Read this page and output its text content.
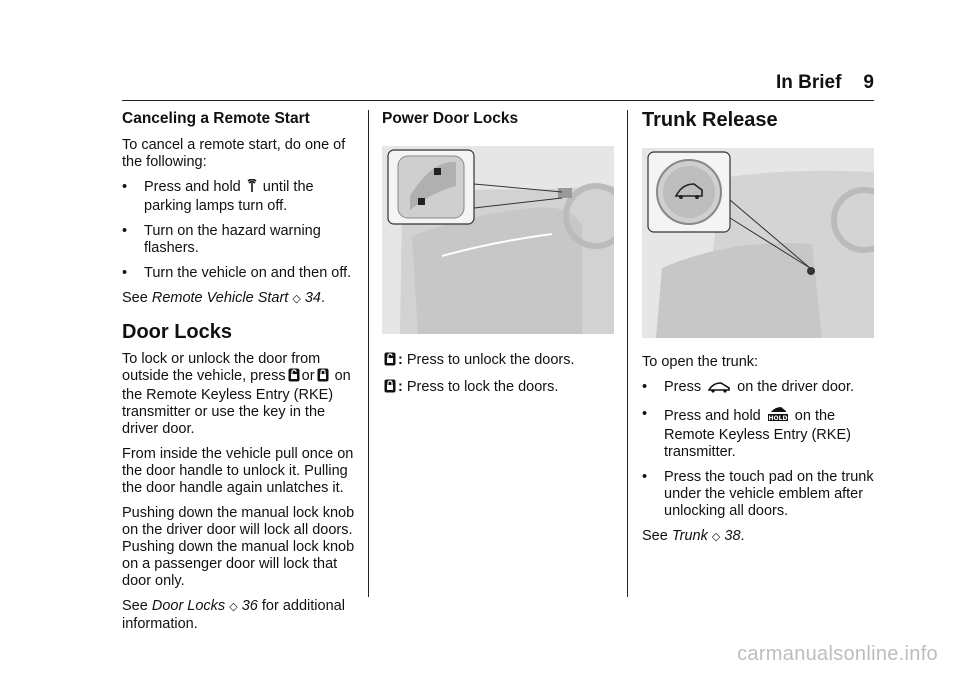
In Brief 9
Canceling a Remote Start

To cancel a remote start, do one of the following:

• Press and hold until the parking lamps turn off.
• Turn on the hazard warning flashers.
• Turn the vehicle on and then off.

See Remote Vehicle Start ◇ 34.

Door Locks

To lock or unlock the door from outside the vehicle, press or on the Remote Keyless Entry (RKE) transmitter or use the key in the driver door.

From inside the vehicle pull once on the door handle to unlock it. Pulling the door handle again unlatches it.

Pushing down the manual lock knob on the driver door will lock all doors. Pushing down the manual lock knob on a passenger door will lock that door only.

See Door Locks ◇ 36 for additional information.

Power Door Locks

: Press to unlock the doors.

: Press to lock the doors.

Trunk Release

To open the trunk:

• Press on the driver door.
• Press and hold HOLD on the Remote Keyless Entry (RKE) transmitter.
• Press the touch pad on the trunk under the vehicle emblem after unlocking all doors.

See Trunk ◇ 38.

carmanualsonline.info
